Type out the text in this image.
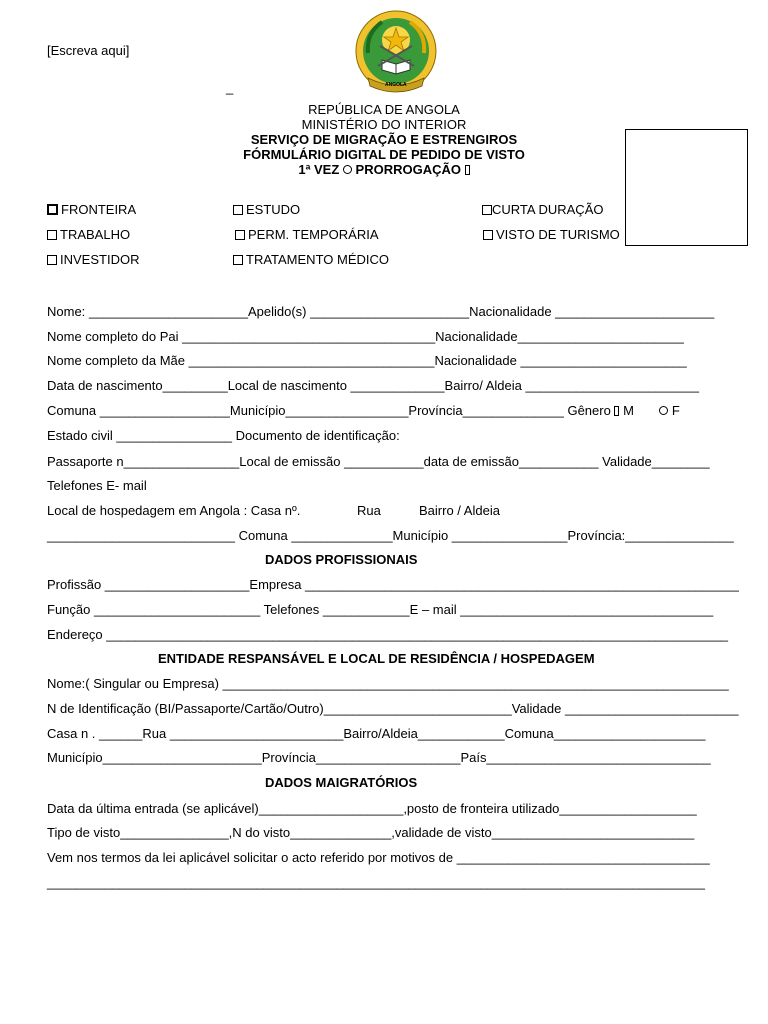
[Escreva aqui]
_	ANGOLA
REPÚBLICA DE ANGOLA
MINISTÉRIO DO INTERIOR
SERVIÇO DE MIGRAÇÃO E ESTRENGIROS
FÓRMULÁRIO DIGITAL DE PEDIDO DE VISTO
1ª VEZ PRORROGAÇÃO
FRONTEIRA	ESTUDO	CURTA DURAÇÃO
TRABALHO	PERM. TEMPORÁRIA	VISTO DE TURISMO
INVESTIDOR	TRATAMENTO MÉDICO
Nome: ______________________Apelido(s) ______________________Nacionalidade ______________________
Nome completo do Pai ___________________________________Nacionalidade_______________________
Nome completo da Mãe __________________________________Nacionalidade _______________________
Data de nascimento_________Local de nascimento _____________Bairro/ Aldeia ________________________
Comuna __________________Município_________________Província______________ Gênero M	F
Estado civil ________________ Documento de identificação:
Passaporte n________________Local de emissão ___________data de emissão___________ Validade________
Telefones E- mail
Local de hospedagem em Angola : Casa nº.	Rua	Bairro / Aldeia
__________________________ Comuna ______________Município ________________Província:_______________
DADOS PROFISSIONAIS
Profissão ____________________Empresa ____________________________________________________________
Função _______________________ Telefones ____________E – mail ___________________________________
Endereço ______________________________________________________________________________________
ENTIDADE RESPANSÁVEL E LOCAL DE RESIDÊNCIA / HOSPEDAGEM
Nome:( Singular ou Empresa) ______________________________________________________________________
N de Identificação (BI/Passaporte/Cartão/Outro)__________________________Validade ________________________
Casa n . ______Rua ________________________Bairro/Aldeia____________Comuna_____________________
Município______________________Província____________________País_______________________________
DADOS MAIGRATÓRIOS
Data da última entrada (se aplicável)____________________,posto de fronteira utilizado___________________
Tipo de visto_______________,N do visto______________,validade de visto____________________________
Vem nos termos da lei aplicável solicitar o acto referido por motivos de ___________________________________
___________________________________________________________________________________________
